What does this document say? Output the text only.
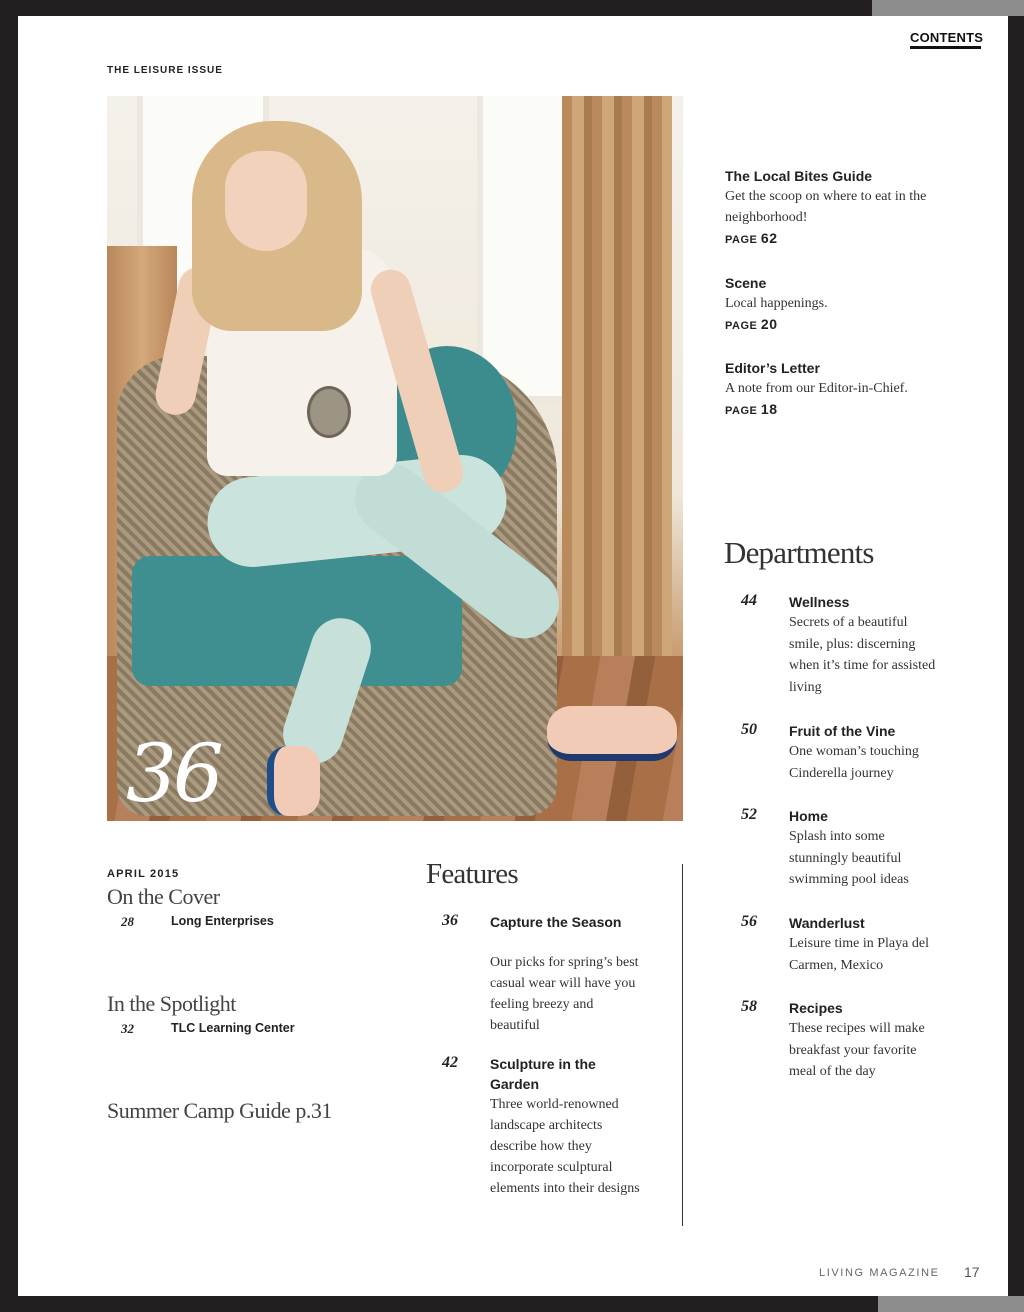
CONTENTS
THE LEISURE ISSUE
36
APRIL 2015
On the Cover
28	Long Enterprises
In the Spotlight
32	TLC Learning Center
Summer Camp Guide p.31
Features
36 Capture the Season
Our picks for spring’s best casual wear will have you feeling breezy and beautiful
42 Sculpture in the Garden
Three world-renowned landscape architects describe how they incorporate sculptural elements into their designs
The Local Bites Guide
Get the scoop on where to eat in the neighborhood!
PAGE 62
Scene
Local happenings.
PAGE 20
Editor’s Letter
A note from our Editor-in-Chief.
PAGE 18
Departments
44 Wellness
Secrets of a beautiful smile, plus: discerning when it’s time for assisted living
50 Fruit of the Vine
One woman’s touching Cinderella journey
52 Home
Splash into some stunningly beautiful swimming pool ideas
56 Wanderlust
Leisure time in Playa del Carmen, Mexico
58 Recipes
These recipes will make breakfast your favorite meal of the day
LIVING MAGAZINE 17
